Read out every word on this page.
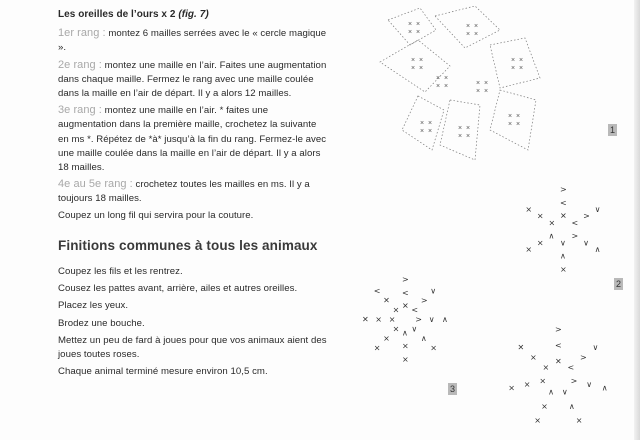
Les oreilles de l’ours x 2 (fig. 7)

1er rang : montez 6 mailles serrées avec le « cercle magique ».

2e rang : montez une maille en l’air. Faites une augmentation dans chaque maille. Fermez le rang avec une maille coulée dans la maille en l’air de départ. Il y a alors 12 mailles.

3e rang : montez une maille en l’air. * faites une augmentation dans la première maille, crochetez la suivante en ms *. Répétez de *à* jusqu’à la fin du rang. Fermez-le avec une maille coulée dans la maille en l’air de départ. Il y a alors 18 mailles.

4e au 5e rang : crochetez toutes les mailles en ms. Il y a toujours 18 mailles.

Coupez un long fil qui servira pour la couture.

Finitions communes à tous les animaux

Coupez les fils et les rentrez.

Cousez les pattes avant, arrière, ailes et autres oreilles.

Placez les yeux.

Brodez une bouche.

Mettez un peu de fard à joues pour que vos animaux aient des joues toutes roses.

Chaque animal terminé mesure environ 10,5 cm.

× ×
× ×
× ×
× ×
× ×
× ×
× ×
× ×
× ×
× ×
× ×
× ×
× ×
× ×
× ×
× ×	× ×
× ×
✕
<
>
<
>
∨
>
∨
∧
∨
∧
×
∧
×
×
×
×
×
✕
<
>
<
>
∨
> ∨ ∧
∨
∧
×
∧
×
×
×
×
×
×
×
✕
×
✕
<
✕
<
>
<
>
∨
> ∨ ∧
∨
∧
×
∧
×
×
×
×
×
×
×
✕
1
2
3
